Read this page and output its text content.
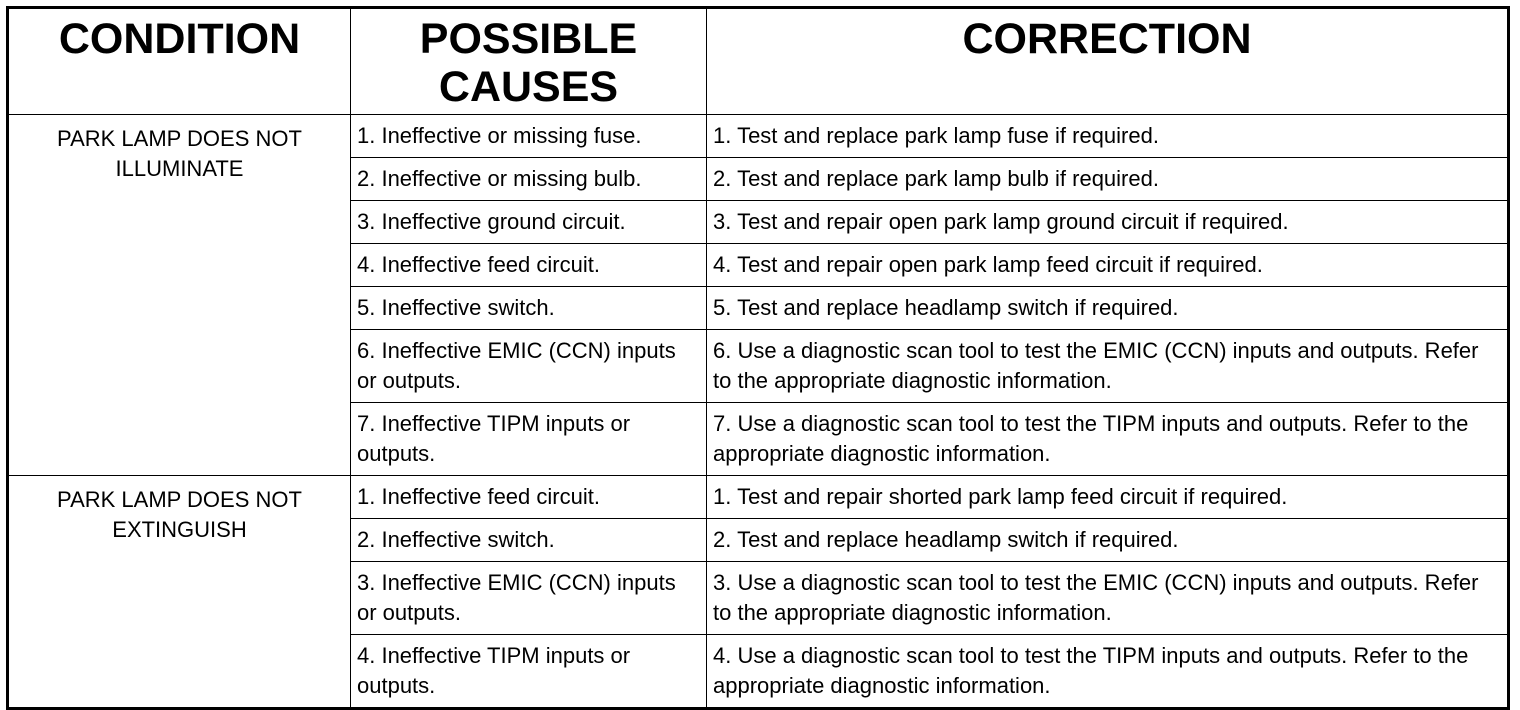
CONDITION	POSSIBLE CAUSES	CORRECTION
PARK LAMP DOES NOT ILLUMINATE	1. Ineffective or missing fuse.	1. Test and replace park lamp fuse if required.
	2. Ineffective or missing bulb.	2. Test and replace park lamp bulb if required.
	3. Ineffective ground circuit.	3. Test and repair open park lamp ground circuit if required.
	4. Ineffective feed circuit.	4. Test and repair open park lamp feed circuit if required.
	5. Ineffective switch.	5. Test and replace headlamp switch if required.
	6. Ineffective EMIC (CCN) inputs or outputs.	6. Use a diagnostic scan tool to test the EMIC (CCN) inputs and outputs. Refer to the appropriate diagnostic information.
	7. Ineffective TIPM inputs or outputs.	7. Use a diagnostic scan tool to test the TIPM inputs and outputs. Refer to the appropriate diagnostic information.
PARK LAMP DOES NOT EXTINGUISH	1. Ineffective feed circuit.	1. Test and repair shorted park lamp feed circuit if required.
	2. Ineffective switch.	2. Test and replace headlamp switch if required.
	3. Ineffective EMIC (CCN) inputs or outputs.	3. Use a diagnostic scan tool to test the EMIC (CCN) inputs and outputs. Refer to the appropriate diagnostic information.
	4. Ineffective TIPM inputs or outputs.	4. Use a diagnostic scan tool to test the TIPM inputs and outputs. Refer to the appropriate diagnostic information.
